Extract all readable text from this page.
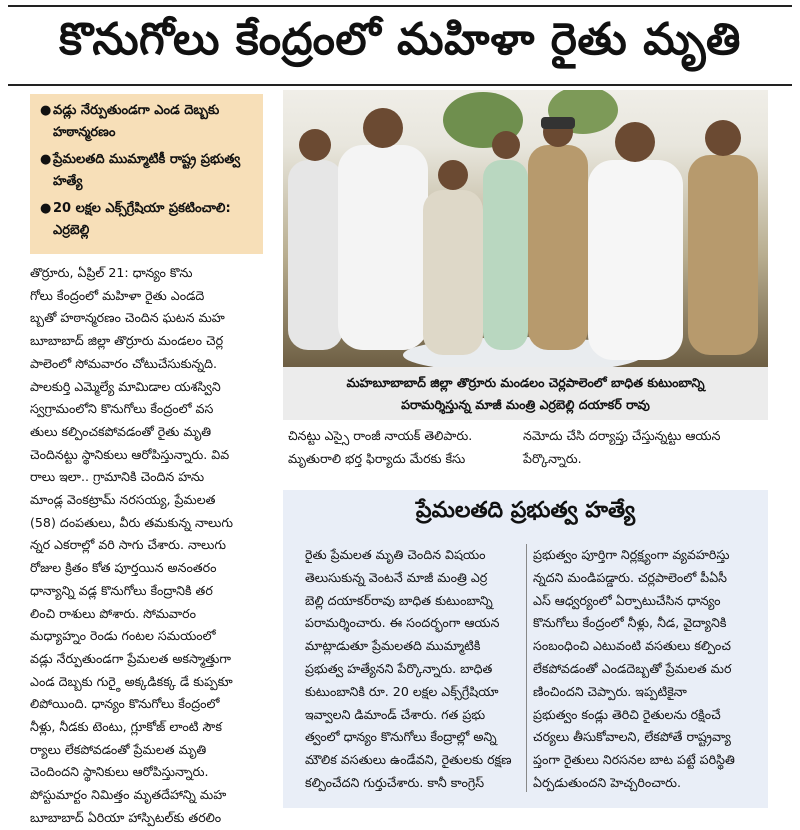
కొనుగోలు కేంద్రంలో మహిళా రైతు మృతి
● వడ్లు నేర్పుతుండగా ఎండ దెబ్బకు హఠాన్మరణం
● ప్రేమలతది ముమ్మాటికీ రాష్ట్ర ప్రభుత్వ హత్యే
● 20 లక్షల ఎక్స్‌గ్రేషియా ప్రకటించాలి: ఎర్రబెల్లి
మహబూబాబాద్ జిల్లా తొర్రూరు మండలం చెర్లపాలెంలో బాధిత కుటుంబాన్ని
పరామర్శిస్తున్న మాజీ మంత్రి ఎర్రబెల్లి దయాకర్ రావు
తొర్రూరు, ఏప్రిల్ 21: ధాన్యం కొను
గోలు కేంద్రంలో మహిళా రైతు ఎండదె
బ్బతో హఠాన్మరణం చెందిన ఘటన మహ
బూబాబాద్ జిల్లా తొర్రూరు మండలం చెర్ల
పాలెంలో సోమవారం చోటుచేసుకున్నది.
పాలకుర్తి ఎమ్మెల్యే మామిడాల యశస్విని
స్వగ్రామంలోని కొనుగోలు కేంద్రంలో వస
తులు కల్పించకపోవడంతో రైతు మృతి
చెందినట్టు స్థానికులు ఆరోపిస్తున్నారు. వివ
రాలు ఇలా.. గ్రామానికి చెందిన హను
మాండ్ల వెంకట్రామ్ నరసయ్య, ప్రేమలత
(58) దంపతులు, వీరు తమకున్న నాలుగు
న్నర ఎకరాల్లో వరి సాగు చేశారు. నాలుగు
రోజుల క్రితం కోత పూర్తయిన అనంతరం
ధాన్యాన్ని వడ్ల కొనుగోలు కేంద్రానికి తర
లించి రాశులు పోశారు. సోమవారం
మధ్యాహ్నం రెండు గంటల సమయంలో
వడ్లు నేర్పుతుండగా ప్రేమలత అకస్మాత్తుగా
ఎండ దెబ్బకు గుర్ఠై అక్కడికక్క డే కుప్పకూ
లిపోయింది. ధాన్యం కొనుగోలు కేంద్రంలో
నీళ్లు, నీడకు టెంటు, గ్లూకోజ్ లాంటి సౌక
ర్యాలు లేకపోవడంతో ప్రేమలత మృతి
చెందిందని స్థానికులు ఆరోపిస్తున్నారు.
పోస్టుమార్టం నిమిత్తం మృతదేహాన్ని మహ
బూబాబాద్ ఏరియా హాస్పిటల్‌కు తరలిం
చినట్టు ఎస్సై రాంజీ నాయక్ తెలిపారు.
మృతురాలి భర్త ఫిర్యాదు మేరకు కేసు
నమోదు చేసి దర్యాప్తు చేస్తున్నట్టు ఆయన
పేర్కొన్నారు.
ప్రేమలతది ప్రభుత్వ హత్యే
రైతు ప్రేమలత మృతి చెందిన విషయం
తెలుసుకున్న వెంటనే మాజీ మంత్రి ఎర్ర
బెల్లి దయాకర్‌రావు బాధిత కుటుంబాన్ని
పరామర్శించారు. ఈ సందర్భంగా ఆయన
మాట్లాడుతూ ప్రేమలతది ముమ్మాటికి
ప్రభుత్వ హత్యేనని పేర్కొన్నారు. బాధిత
కుటుంబానికి రూ. 20 లక్షల ఎక్స్‌గ్రేషియా
ఇవ్వాలని డిమాండ్ చేశారు. గత ప్రభు
త్వంలో ధాన్యం కొనుగోలు కేంద్రాల్లో అన్ని
మౌలిక వసతులు ఉండేవని, రైతులకు రక్షణ
కల్పించేదని గుర్తుచేశారు. కానీ కాంగ్రెస్
ప్రభుత్వం పూర్తిగా నిర్లక్ష్యంగా వ్యవహరిస్తు
న్నదని మండిపడ్డారు. చర్లపాలెంలో పీఏసీ
ఎస్ ఆధ్వర్యంలో ఏర్పాటుచేసిన ధాన్యం
కొనుగోలు కేంద్రంలో నీళ్లు, నీడ, వైద్యానికి
సంబంధించి ఎటువంటి వసతులు కల్పించ
లేకపోవడంతో ఎండదెబ్బతో ప్రేమలత మర
ణించిందని చెప్పారు. ఇప్పటికైనా
ప్రభుత్వం కండ్లు తెరిచి రైతులను రక్షించే
చర్యలు తీసుకోవాలని, లేకపోతే రాష్ట్రవ్యా
ప్తంగా రైతులు నిరసనల బాట పట్టే పరిస్థితి
ఏర్పడుతుందని హెచ్చరించారు.
